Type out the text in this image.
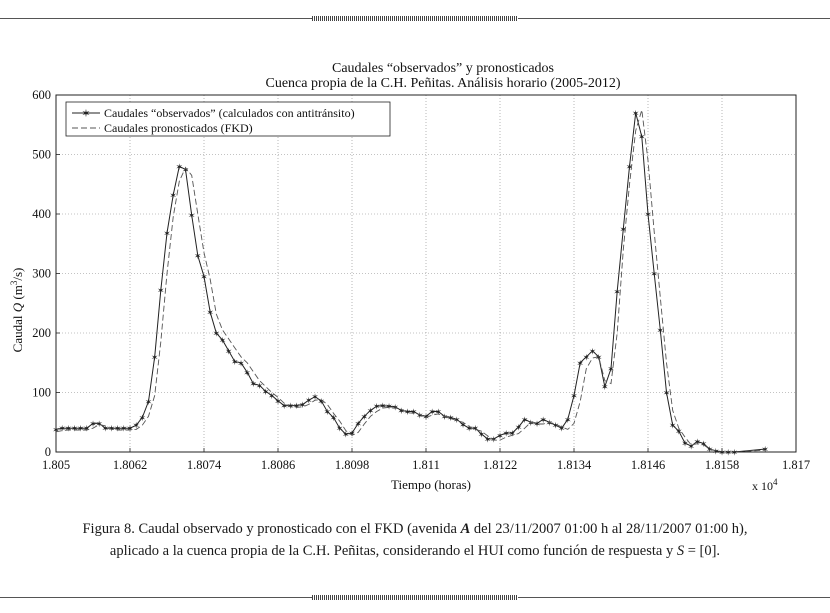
✶
✶
✶
✶
✶
✶
✶
✶
✶
✶
✶
✶
✶
✶
✶
✶
✶
✶
✶
✶
✶
✶
✶
✶
✶
✶
✶
✶
✶
✶
✶
✶
✶
✶
✶
✶
✶
✶
✶
✶
✶
✶
✶
✶
✶
✶
✶
✶
✶
✶
✶
✶
✶
✶
✶
✶
✶
✶
✶
✶
✶
✶
✶
✶
✶
✶
✶
✶
✶
✶
✶
✶
✶
✶
✶
✶
✶
✶
✶
✶
✶
✶
✶
✶
✶
✶
✶
✶
✶
✶
✶
✶
✶
✶
✶
✶
✶
✶
✶
✶
✶
✶
✶
✶
✶
✶
✶
✶
✶
✶
✶	✶
1.805	1.8062	1.8074	1.8086	1.8098	1.811	1.8122	1.8134	1.8146	1.8158	1.817
0
100
200
300
400
500
600
Caudales “observados” y pronosticados
Cuenca propia de la C.H. Peñitas. Análisis horario (2005-2012)
Tiempo (horas)	x $10^4$
Caudal Q $(m^3/s)$
✶ Caudales “observados” (calculados con antitránsito)
Caudales pronosticados (FKD)
Figura 8. Caudal observado y pronosticado con el FKD (avenida A del 23/11/2007 01:00 h al 28/11/2007 01:00 h),
aplicado a la cuenca propia de la C.H. Peñitas, considerando el HUI como función de respuesta y S = [0].
